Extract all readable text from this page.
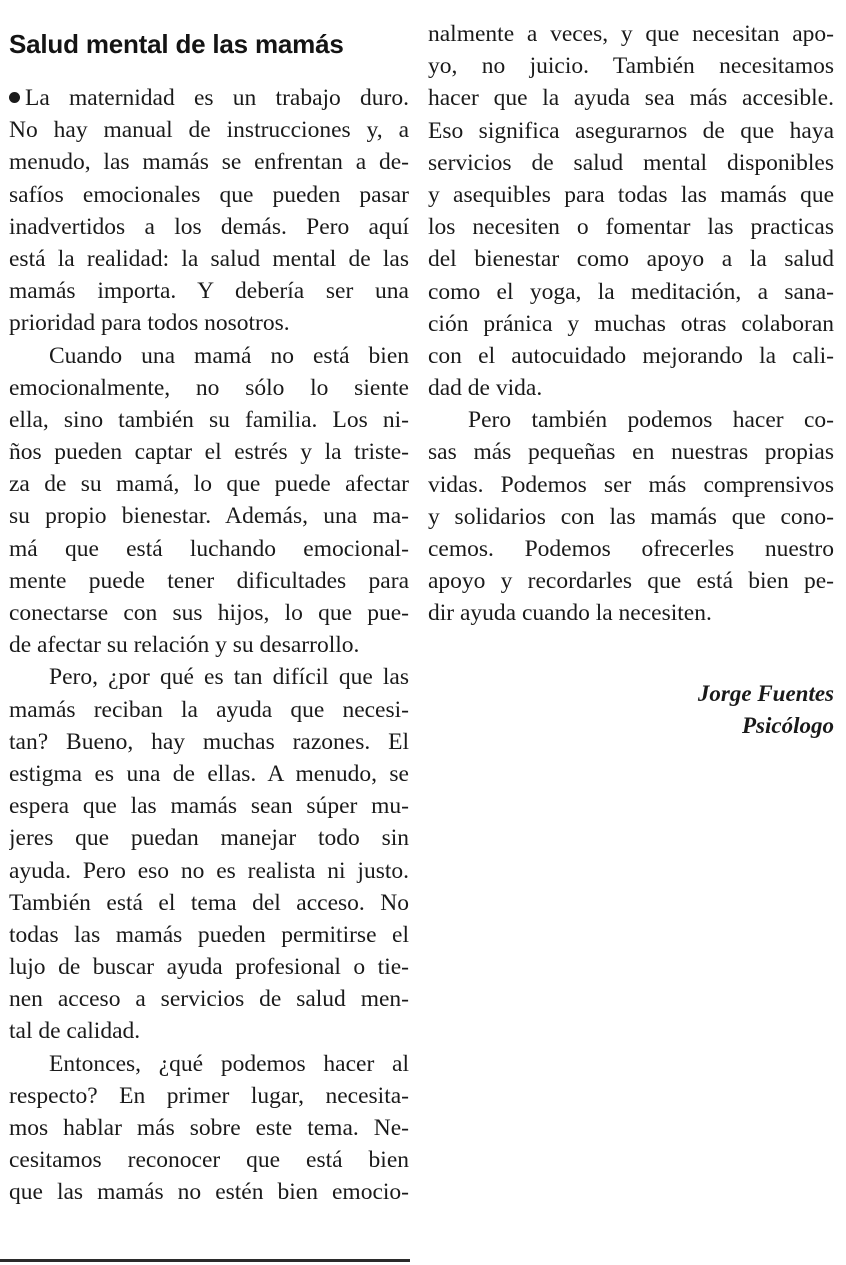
Salud mental de las mamás
La maternidad es un trabajo duro.
No hay manual de instrucciones y, a
menudo, las mamás se enfrentan a de-
safíos emocionales que pueden pasar
inadvertidos a los demás. Pero aquí
está la realidad: la salud mental de las
mamás importa. Y debería ser una
prioridad para todos nosotros.
Cuando una mamá no está bien
emocionalmente, no sólo lo siente
ella, sino también su familia. Los ni-
ños pueden captar el estrés y la triste-
za de su mamá, lo que puede afectar
su propio bienestar. Además, una ma-
má que está luchando emocional-
mente puede tener dificultades para
conectarse con sus hijos, lo que pue-
de afectar su relación y su desarrollo.
Pero, ¿por qué es tan difícil que las
mamás reciban la ayuda que necesi-
tan? Bueno, hay muchas razones. El
estigma es una de ellas. A menudo, se
espera que las mamás sean súper mu-
jeres que puedan manejar todo sin
ayuda. Pero eso no es realista ni justo.
También está el tema del acceso. No
todas las mamás pueden permitirse el
lujo de buscar ayuda profesional o tie-
nen acceso a servicios de salud men-
tal de calidad.
Entonces, ¿qué podemos hacer al
respecto? En primer lugar, necesita-
mos hablar más sobre este tema. Ne-
cesitamos reconocer que está bien
que las mamás no estén bien emocio-
nalmente a veces, y que necesitan apo-
yo, no juicio. También necesitamos
hacer que la ayuda sea más accesible.
Eso significa asegurarnos de que haya
servicios de salud mental disponibles
y asequibles para todas las mamás que
los necesiten o fomentar las practicas
del bienestar como apoyo a la salud
como el yoga, la meditación, a sana-
ción pránica y muchas otras colaboran
con el autocuidado mejorando la cali-
dad de vida.
Pero también podemos hacer co-
sas más pequeñas en nuestras propias
vidas. Podemos ser más comprensivos
y solidarios con las mamás que cono-
cemos. Podemos ofrecerles nuestro
apoyo y recordarles que está bien pe-
dir ayuda cuando la necesiten.
Jorge Fuentes
Psicólogo
